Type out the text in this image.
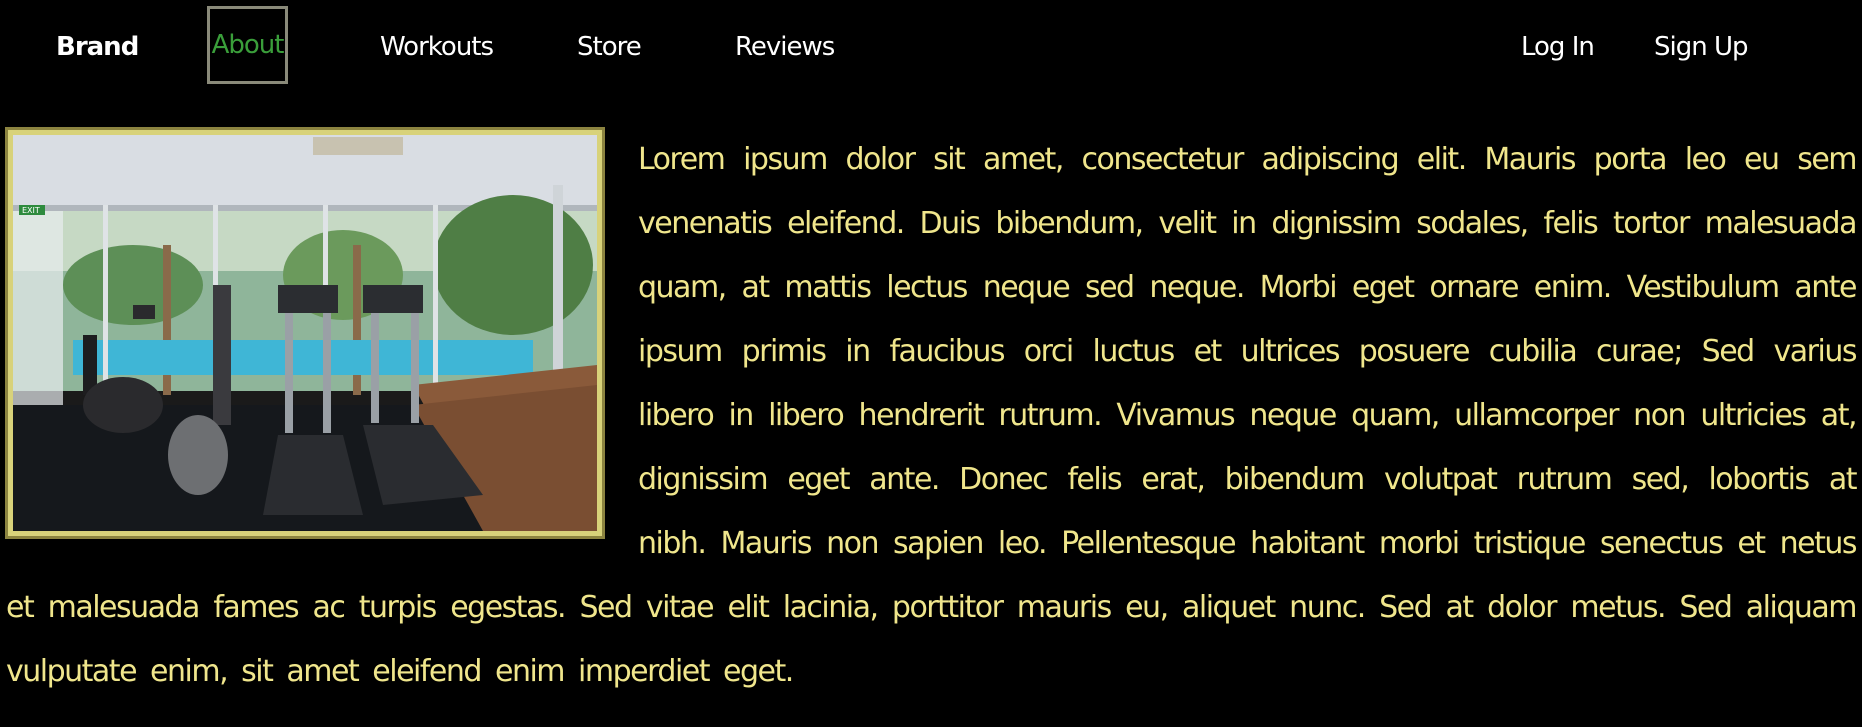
Brand	About	Workouts	Store	Reviews	Log In Sign Up
EXIT

Lorem ipsum dolor sit amet, consectetur adipiscing elit. Mauris porta leo eu sem venenatis eleifend. Duis bibendum, velit in dignissim sodales, felis tortor malesuada quam, at mattis lectus neque sed neque. Morbi eget ornare enim. Vestibulum ante ipsum primis in faucibus orci luctus et ultrices posuere cubilia curae; Sed varius libero in libero hendrerit rutrum. Vivamus neque quam, ullamcorper non ultricies at, dignissim eget ante. Donec felis erat, bibendum volutpat rutrum sed, lobortis at nibh. Mauris non sapien leo. Pellentesque habitant morbi tristique senectus et netus et malesuada fames ac turpis egestas. Sed vitae elit lacinia, porttitor mauris eu, aliquet nunc. Sed at dolor metus. Sed aliquam vulputate enim, sit amet eleifend enim imperdiet eget.
